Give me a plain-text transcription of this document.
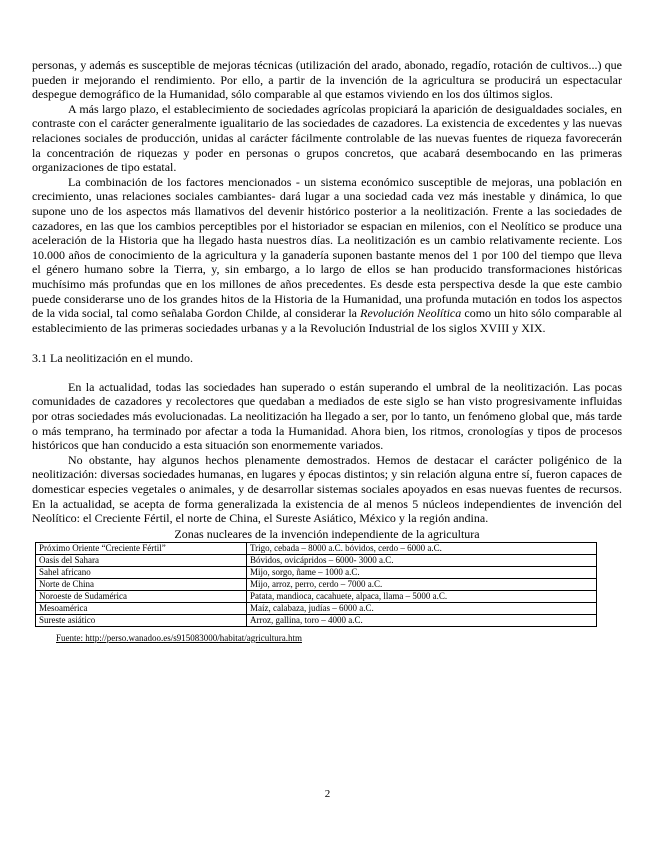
personas, y además es susceptible de mejoras técnicas (utilización del arado, abonado, regadío, rotación de cultivos...) que pueden ir mejorando el rendimiento. Por ello, a partir de la invención de la agricultura se producirá un espectacular despegue demográfico de la Humanidad, sólo comparable al que estamos viviendo en los dos últimos siglos.

A más largo plazo, el establecimiento de sociedades agrícolas propiciará la aparición de desigualdades sociales, en contraste con el carácter generalmente igualitario de las sociedades de cazadores. La existencia de excedentes y las nuevas relaciones sociales de producción, unidas al carácter fácilmente controlable de las nuevas fuentes de riqueza favorecerán la concentración de riquezas y poder en personas o grupos concretos, que acabará desembocando en las primeras organizaciones de tipo estatal.

La combinación de los factores mencionados - un sistema económico susceptible de mejoras, una población en crecimiento, unas relaciones sociales cambiantes- dará lugar a una sociedad cada vez más inestable y dinámica, lo que supone uno de los aspectos más llamativos del devenir histórico posterior a la neolitización. Frente a las sociedades de cazadores, en las que los cambios perceptibles por el historiador se espacian en milenios, con el Neolítico se produce una aceleración de la Historia que ha llegado hasta nuestros días. La neolitización es un cambio relativamente reciente. Los 10.000 años de conocimiento de la agricultura y la ganadería suponen bastante menos del 1 por 100 del tiempo que lleva el género humano sobre la Tierra, y, sin embargo, a lo largo de ellos se han producido transformaciones históricas muchísimo más profundas que en los millones de años precedentes. Es desde esta perspectiva desde la que este cambio puede considerarse uno de los grandes hitos de la Historia de la Humanidad, una profunda mutación en todos los aspectos de la vida social, tal como señalaba Gordon Childe, al considerar la Revolución Neolítica como un hito sólo comparable al establecimiento de las primeras sociedades urbanas y a la Revolución Industrial de los siglos XVIII y XIX.

3.1 La neolitización en el mundo.

En la actualidad, todas las sociedades han superado o están superando el umbral de la neolitización. Las pocas comunidades de cazadores y recolectores que quedaban a mediados de este siglo se han visto progresivamente influidas por otras sociedades más evolucionadas. La neolitización ha llegado a ser, por lo tanto, un fenómeno global que, más tarde o más temprano, ha terminado por afectar a toda la Humanidad. Ahora bien, los ritmos, cronologías y tipos de procesos históricos que han conducido a esta situación son enormemente variados.

No obstante, hay algunos hechos plenamente demostrados. Hemos de destacar el carácter poligénico de la neolitización: diversas sociedades humanas, en lugares y épocas distintos; y sin relación alguna entre sí, fueron capaces de domesticar especies vegetales o animales, y de desarrollar sistemas sociales apoyados en esas nuevas fuentes de recursos. En la actualidad, se acepta de forma generalizada la existencia de al menos 5 núcleos independientes de invención del Neolítico: el Creciente Fértil, el norte de China, el Sureste Asiático, México y la región andina.

Zonas nucleares de la invención independiente de la agricultura
Próximo Oriente “Creciente Fértil”	Trigo, cebada – 8000 a.C. bóvidos, cerdo – 6000 a.C.
Oasis del Sahara	Bóvidos, ovicápridos – 6000- 3000 a.C.
Sahel africano	Mijo, sorgo, ñame – 1000 a.C.
Norte de China	Mijo, arroz, perro, cerdo – 7000 a.C.
Noroeste de Sudamérica	Patata, mandioca, cacahuete, alpaca, llama – 5000 a.C.
Mesoamérica	Maíz, calabaza, judías – 6000 a.C.
Sureste asiático	Arroz, gallina, toro – 4000 a.C.
Fuente: http://perso.wanadoo.es/s915083000/habitat/agricultura.htm
2
